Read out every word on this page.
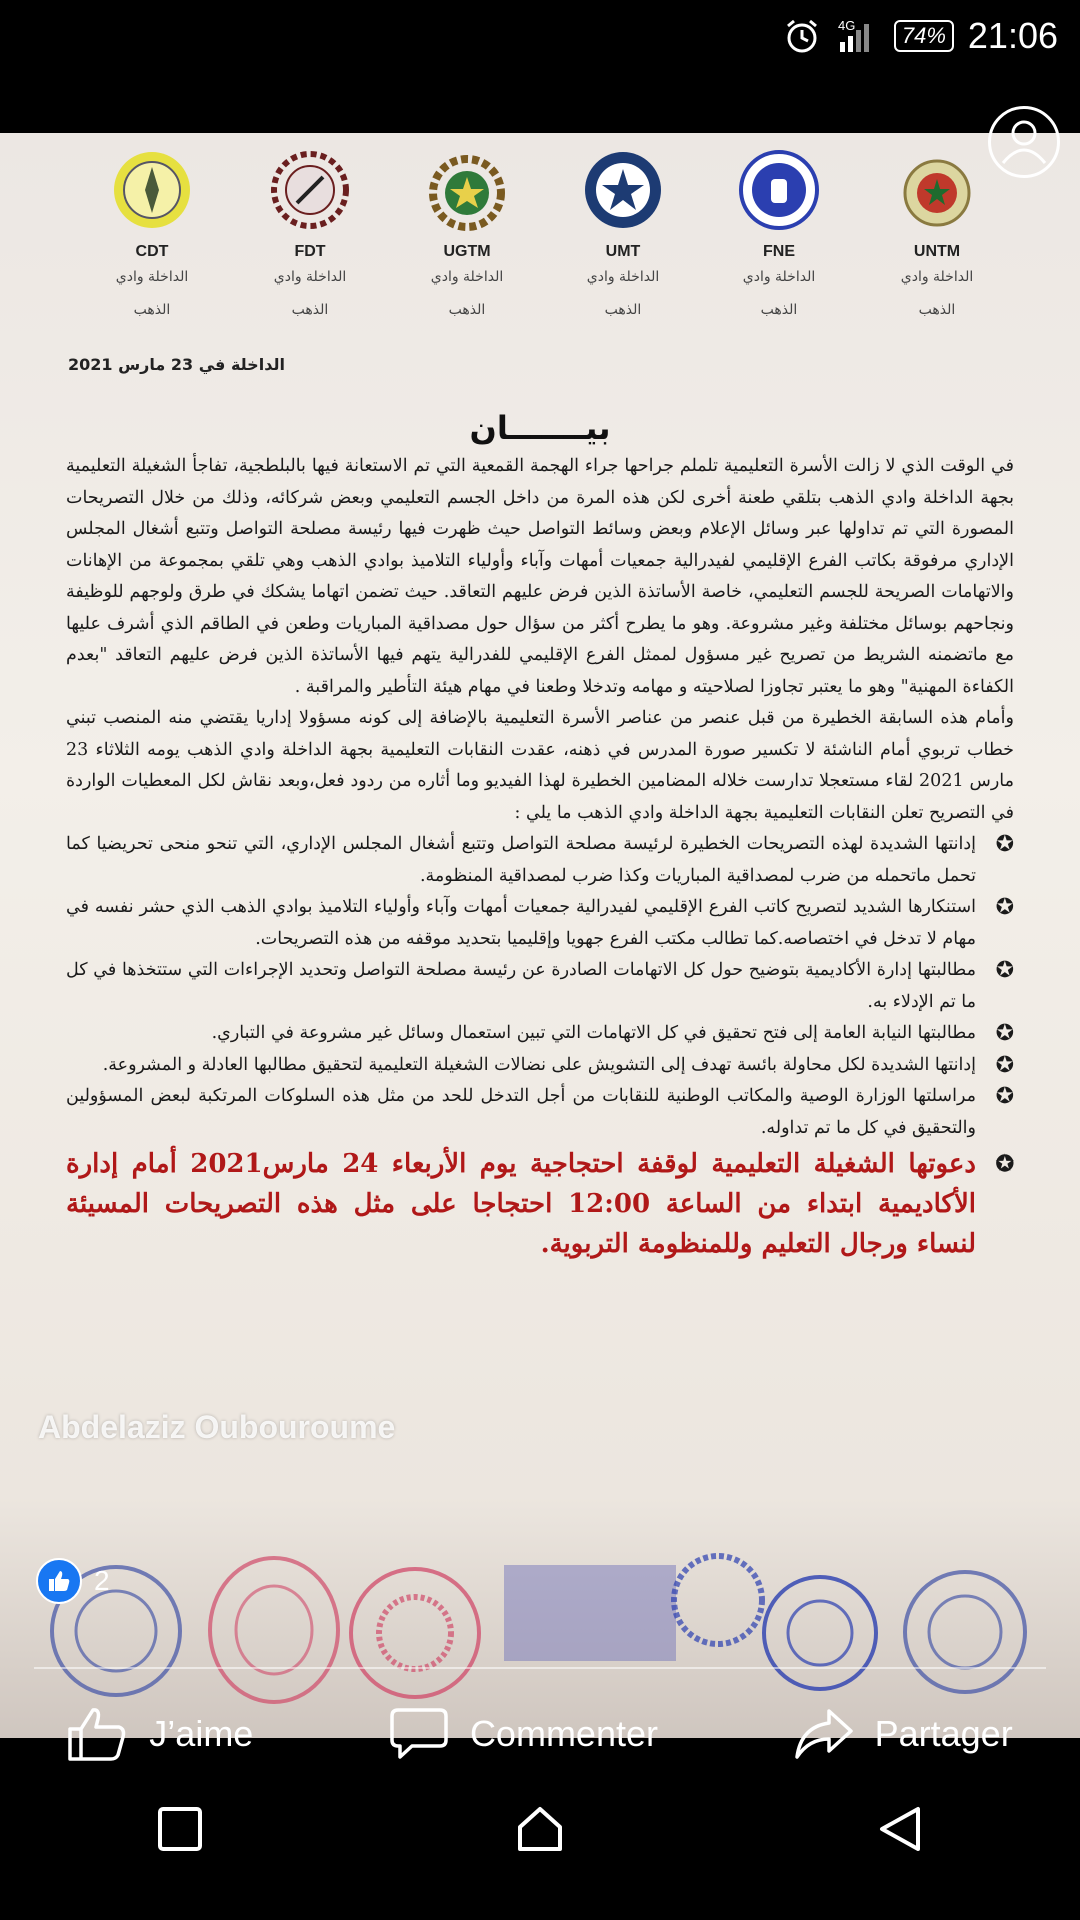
4G	74% 21:06
CDT
الداخلة وادي الذهب
FDT
الداخلة وادي الذهب
UGTM
الداخلة وادي الذهب
UMT
الداخلة وادي الذهب
FNE
الداخلة وادي الذهب
UNTM
الداخلة وادي الذهب
الداخلة في 23 مارس 2021
بيـــــــان

في الوقت الذي لا زالت الأسرة التعليمية تلملم جراحها جراء الهجمة القمعية التي تم الاستعانة فيها بالبلطجية، تفاجأ الشغيلة التعليمية بجهة الداخلة وادي الذهب بتلقي طعنة أخرى لكن هذه المرة من داخل الجسم التعليمي وبعض شركائه، وذلك من خلال التصريحات المصورة التي تم تداولها عبر وسائل الإعلام وبعض وسائط التواصل حيث ظهرت فيها رئيسة مصلحة التواصل وتتبع أشغال المجلس الإداري مرفوقة بكاتب الفرع الإقليمي لفيدرالية جمعيات أمهات وآباء وأولياء التلاميذ بوادي الذهب وهي تلقي بمجموعة من الإهانات والاتهامات الصريحة للجسم التعليمي، خاصة الأساتذة الذين فرض عليهم التعاقد. حيث تضمن اتهاما يشكك في طرق ولوجهم للوظيفة ونجاحهم بوسائل مختلفة وغير مشروعة. وهو ما يطرح أكثر من سؤال حول مصداقية المباريات وطعن في الطاقم الذي أشرف عليها مع ماتضمنه الشريط من تصريح غير مسؤول لممثل الفرع الإقليمي للفدرالية يتهم فيها الأساتذة الذين فرض عليهم التعاقد "بعدم الكفاءة المهنية" وهو ما يعتبر تجاوزا لصلاحيته و مهامه وتدخلا وطعنا في مهام هيئة التأطير والمراقبة .

وأمام هذه السابقة الخطيرة من قبل عنصر من عناصر الأسرة التعليمية بالإضافة إلى كونه مسؤولا إداريا يقتضي منه المنصب تبني خطاب تربوي أمام الناشئة لا تكسير صورة المدرس في ذهنه، عقدت النقابات التعليمية بجهة الداخلة وادي الذهب يومه الثلاثاء 23 مارس 2021 لقاء مستعجلا تدارست خلاله المضامين الخطيرة لهذا الفيديو وما أثاره من ردود فعل،وبعد نقاش لكل المعطيات الواردة في التصريح تعلن النقابات التعليمية بجهة الداخلة وادي الذهب ما يلي :

✪
إدانتها الشديدة لهذه التصريحات الخطيرة لرئيسة مصلحة التواصل وتتبع أشغال المجلس الإداري، التي تنحو منحى تحريضيا كما تحمل ماتحمله من ضرب لمصداقية المباريات وكذا ضرب لمصداقية المنظومة.
✪
استنكارها الشديد لتصريح كاتب الفرع الإقليمي لفيدرالية جمعيات أمهات وآباء وأولياء التلاميذ بوادي الذهب الذي حشر نفسه في مهام لا تدخل في اختصاصه.كما تطالب مكتب الفرع جهويا وإقليميا بتحديد موقفه من هذه التصريحات.
✪
مطالبتها إدارة الأكاديمية بتوضيح حول كل الاتهامات الصادرة عن رئيسة مصلحة التواصل وتحديد الإجراءات التي ستتخذها في كل ما تم الإدلاء به.
✪
مطالبتها النيابة العامة إلى فتح تحقيق في كل الاتهامات التي تبين استعمال وسائل غير مشروعة في التباري.
✪
إدانتها الشديدة لكل محاولة بائسة تهدف إلى التشويش على نضالات الشغيلة التعليمية لتحقيق مطالبها العادلة و المشروعة.
✪
مراسلتها الوزارة الوصية والمكاتب الوطنية للنقابات من أجل التدخل للحد من مثل هذه السلوكات المرتكبة لبعض المسؤولين والتحقيق في كل ما تم تداوله.
✪
دعوتها الشغيلة التعليمية لوقفة احتجاجية يوم الأربعاء 24 مارس2021 أمام إدارة الأكاديمية ابتداء من الساعة 12:00 احتجاجا على مثل هذه التصريحات المسيئة لنساء ورجال التعليم وللمنظومة التربوية.
Abdelaziz Oubouroume
2
J’aime	Commenter	Partager
